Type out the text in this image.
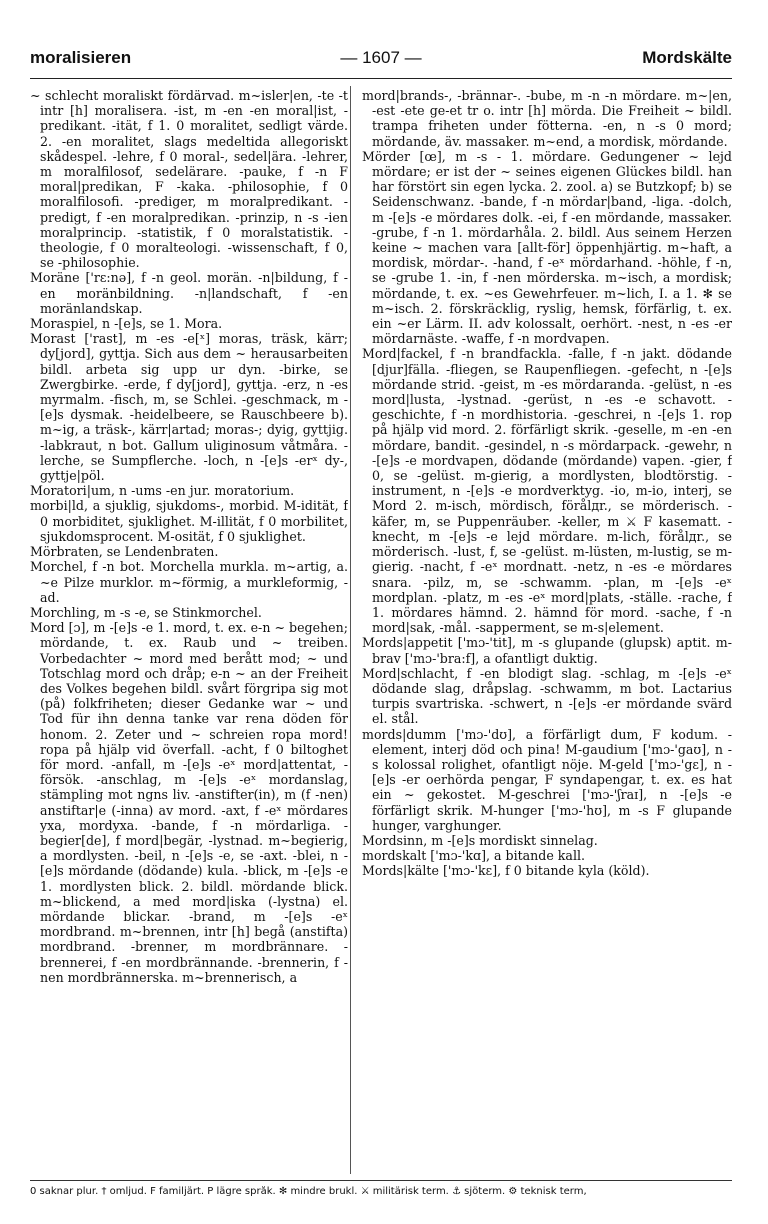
moralisieren	— 1607 —	Mordskälte

~ schlecht moraliskt fördärvad. m~isler|en, -te -t intr [h] moralisera. -ist, m -en -en moral|ist, -predikant. -ität, f 1. 0 moralitet, sedligt värde. 2. -en moralitet, slags medeltida allegoriskt skådespel. -lehre, f 0 moral-, sedel|ära. -lehrer, m moralfilosof, sedelärare. -pauke, f -n F moral|predikan, F -kaka. -philosophie, f 0 moralfilosofi. -prediger, m moralpredikant. -predigt, f -en moralpredikan. -prinzip, n -s -ien moralprincip. -statistik, f 0 moralstatistik. -theologie, f 0 moralteologi. -wissenschaft, f 0, se -philosophie.

Moräne ['rɛ:nə], f -n geol. morän. -n|bildung, f -en moränbildning. -n|landschaft, f -en moränlandskap.

Moraspiel, n -[e]s, se 1. Mora.

Morast ['rast], m -es -e[ˣ] moras, träsk, kärr; dy[jord], gyttja. Sich aus dem ~ herausarbeiten bildl. arbeta sig upp ur dyn. -birke, se Zwergbirke. -erde, f dy[jord], gyttja. -erz, n -es myrmalm. -fisch, m, se Schlei. -geschmack, m -[e]s dysmak. -heidelbeere, se Rauschbeere b). m~ig, a träsk-, kärr|artad; moras-; dyig, gyttjig. -labkraut, n bot. Gallum uliginosum våtmåra. -lerche, se Sumpflerche. -loch, n -[e]s -erˣ dy-, gyttje|pöl.

Moratori|um, n -ums -en jur. moratorium.

morbi|ld, a sjuklig, sjukdoms-, morbid. M-idität, f 0 morbiditet, sjuklighet. M-illität, f 0 morbilitet, sjukdomsprocent. M-osität, f 0 sjuklighet.

Mörbraten, se Lendenbraten.

Morchel, f -n bot. Morchella murkla. m~artig, a. ~e Pilze murklor. m~förmig, a murkleformig, -ad.

Morchling, m -s -e, se Stinkmorchel.

Mord [ɔ], m -[e]s -e 1. mord, t. ex. e-n ~ begehen; mördande, t. ex. Raub und ~ treiben. Vorbedachter ~ mord med berått mod; ~ und Totschlag mord och dråp; e-n ~ an der Freiheit des Volkes begehen bildl. svårt förgripa sig mot (på) folkfriheten; dieser Gedanke war ~ und Tod für ihn denna tanke var rena döden för honom. 2. Zeter und ~ schreien ropa mord! ropa på hjälp vid överfall. -acht, f 0 biltoghet för mord. -anfall, m -[e]s -eˣ mord|attentat, -försök. -anschlag, m -[e]s -eˣ mordanslag, stämpling mot ngns liv. -anstifter(in), m (f -nen) anstiftar|e (-inna) av mord. -axt, f -eˣ mördares yxa, mordyxa. -bande, f -n mördarliga. -begier[de], f mord|begär, -lystnad. m~begierig, a mordlysten. -beil, n -[e]s -e, se -axt. -blei, n -[e]s mördande (dödande) kula. -blick, m -[e]s -e 1. mordlysten blick. 2. bildl. mördande blick. m~blickend, a med mord|iska (-lystna) el. mördande blickar. -brand, m -[e]s -eˣ mordbrand. m~brennen, intr [h] begå (anstifta) mordbrand. -brenner, m mordbrännare. -brennerei, f -en mordbrännande. -brennerin, f -nen mordbrännerska. m~brennerisch, a

mord|brands-, -brännar-. -bube, m -n -n mördare. m~|en, -est -ete ge-et tr o. intr [h] mörda. Die Freiheit ~ bildl. trampa friheten under fötterna. -en, n -s 0 mord; mördande, äv. massaker. m~end, a mordisk, mördande.

Mörder [œ], m -s - 1. mördare. Gedungener ~ lejd mördare; er ist der ~ seines eigenen Glückes bildl. han har förstört sin egen lycka. 2. zool. a) se Butzkopf; b) se Seidenschwanz. -bande, f -n mördar|band, -liga. -dolch, m -[e]s -e mördares dolk. -ei, f -en mördande, massaker. -grube, f -n 1. mördarhåla. 2. bildl. Aus seinem Herzen keine ~ machen vara [allt-för] öppenhjärtig. m~haft, a mordisk, mördar-. -hand, f -eˣ mördarhand. -höhle, f -n, se -grube 1. -in, f -nen mörderska. m~isch, a mordisk; mördande, t. ex. ~es Gewehrfeuer. m~lich, I. a 1. ✻ se m~isch. 2. förskräcklig, ryslig, hemsk, förfärlig, t. ex. ein ~er Lärm. II. adv kolossalt, oerhört. -nest, n -es -er mördarnäste. -waffe, f -n mordvapen.

Mord|fackel, f -n brandfackla. -falle, f -n jakt. dödande [djur]fälla. -fliegen, se Raupenfliegen. -gefecht, n -[e]s mördande strid. -geist, m -es mördaranda. -gelüst, n -es mord|lusta, -lystnad. -gerüst, n -es -e schavott. -geschichte, f -n mordhistoria. -geschrei, n -[e]s 1. rop på hjälp vid mord. 2. förfärligt skrik. -geselle, m -en -en mördare, bandit. -gesindel, n -s mördarpack. -gewehr, n -[e]s -e mordvapen, dödande (mördande) vapen. -gier, f 0, se -gelüst. m-gierig, a mordlysten, blodtörstig. -instrument, n -[e]s -e mordverktyg. -io, m-io, interj, se Mord 2. m-isch, mördisch, förålдr., se mörderisch. -käfer, m, se Puppenräuber. -keller, m ⚔ F kasematt. -knecht, m -[e]s -e lejd mördare. m-lich, förålдr., se mörderisch. -lust, f, se -gelüst. m-lüsten, m-lustig, se m-gierig. -nacht, f -eˣ mordnatt. -netz, n -es -e mördares snara. -pilz, m, se -schwamm. -plan, m -[e]s -eˣ mordplan. -platz, m -es -eˣ mord|plats, -ställe. -rache, f 1. mördares hämnd. 2. hämnd för mord. -sache, f -n mord|sak, -mål. -sapperment, se m-s|element.

Mords|appetit ['mɔ-'tit], m -s glupande (glupsk) aptit. m-brav ['mɔ-'bra:f], a ofantligt duktig.

Mord|schlacht, f -en blodigt slag. -schlag, m -[e]s -eˣ dödande slag, dråpslag. -schwamm, m bot. Lactarius turpis svartriska. -schwert, n -[e]s -er mördande svärd el. stål.

mords|dumm ['mɔ-'dʊ], a förfärligt dum, F kodum. -element, interj död och pina! M-gaudium ['mɔ-'gaʊ], n -s kolossal rolighet, ofantligt nöje. M-geld ['mɔ-'gɛ], n -[e]s -er oerhörda pengar, F syndapengar, t. ex. es hat ein ~ gekostet. M-geschrei ['mɔ-'ʃraɪ], n -[e]s -e förfärligt skrik. M-hunger ['mɔ-'hʊ], m -s F glupande hunger, varghunger.

Mordsinn, m -[e]s mordiskt sinnelag.

mordskalt ['mɔ-'kɑ], a bitande kall.

Mords|kälte ['mɔ-'kɛ], f 0 bitande kyla (köld).

0 saknar plur. † omljud. F familjärt. P lägre språk. ✻ mindre brukl. ⚔ militärisk term. ⚓ sjöterm. ⚙ teknisk term,
